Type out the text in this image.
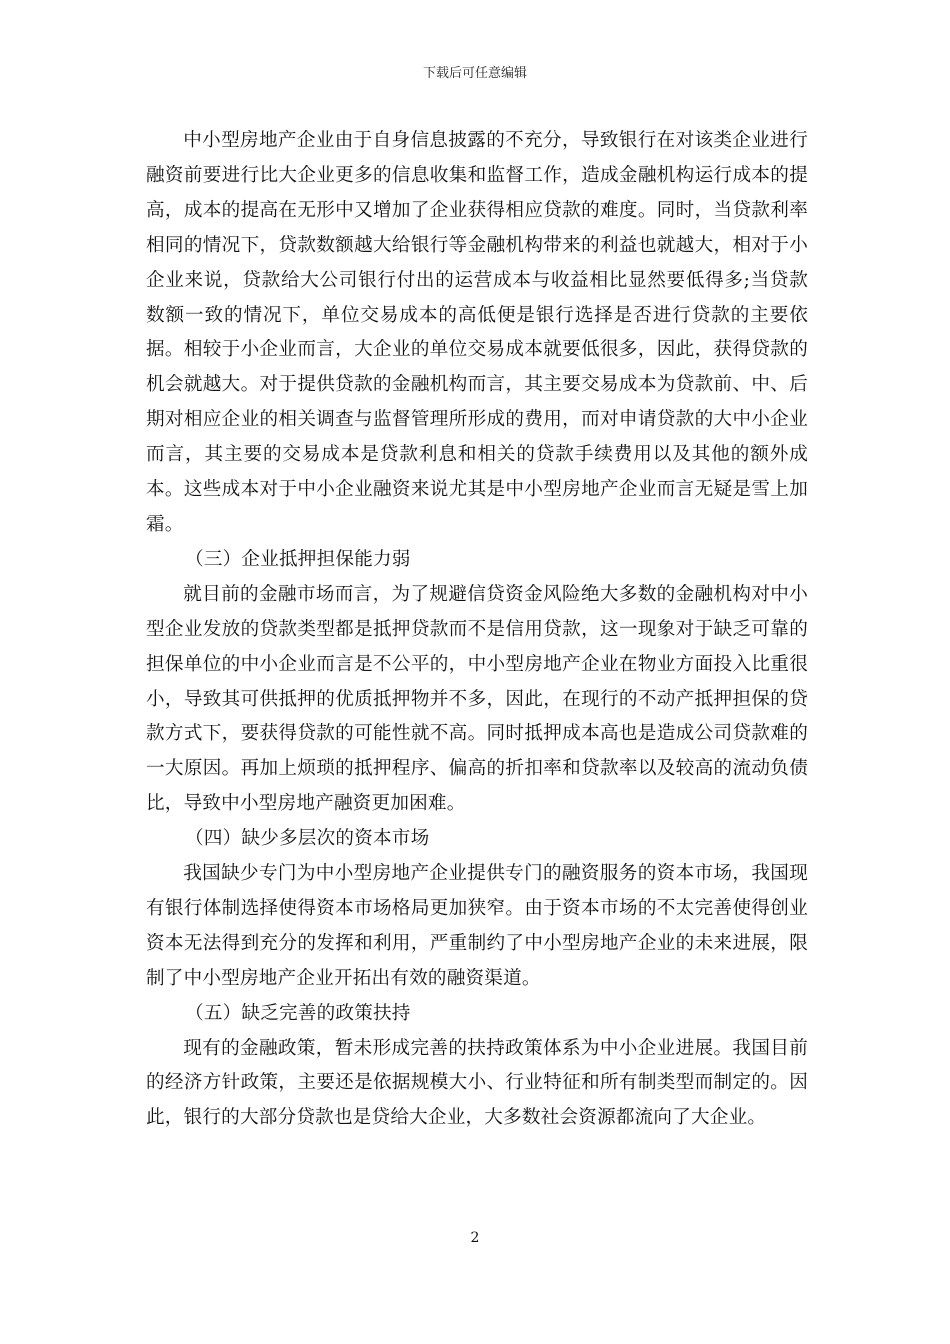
下载后可任意编辑

中小型房地产企业由于自身信息披露的不充分，导致银行在对该类企业进行融资前要进行比大企业更多的信息收集和监督工作，造成金融机构运行成本的提高，成本的提高在无形中又增加了企业获得相应贷款的难度。同时，当贷款利率相同的情况下，贷款数额越大给银行等金融机构带来的利益也就越大，相对于小企业来说，贷款给大公司银行付出的运营成本与收益相比显然要低得多;当贷款数额一致的情况下，单位交易成本的高低便是银行选择是否进行贷款的主要依据。相较于小企业而言，大企业的单位交易成本就要低很多，因此，获得贷款的机会就越大。对于提供贷款的金融机构而言，其主要交易成本为贷款前、中、后期对相应企业的相关调查与监督管理所形成的费用，而对申请贷款的大中小企业而言，其主要的交易成本是贷款利息和相关的贷款手续费用以及其他的额外成本。这些成本对于中小企业融资来说尤其是中小型房地产企业而言无疑是雪上加霜。

（三）企业抵押担保能力弱

就目前的金融市场而言，为了规避信贷资金风险绝大多数的金融机构对中小型企业发放的贷款类型都是抵押贷款而不是信用贷款，这一现象对于缺乏可靠的担保单位的中小企业而言是不公平的，中小型房地产企业在物业方面投入比重很小，导致其可供抵押的优质抵押物并不多，因此，在现行的不动产抵押担保的贷款方式下，要获得贷款的可能性就不高。同时抵押成本高也是造成公司贷款难的一大原因。再加上烦琐的抵押程序、偏高的折扣率和贷款率以及较高的流动负债比，导致中小型房地产融资更加困难。

（四）缺少多层次的资本市场

我国缺少专门为中小型房地产企业提供专门的融资服务的资本市场，我国现有银行体制选择使得资本市场格局更加狭窄。由于资本市场的不太完善使得创业资本无法得到充分的发挥和利用，严重制约了中小型房地产企业的未来进展，限制了中小型房地产企业开拓出有效的融资渠道。

（五）缺乏完善的政策扶持

现有的金融政策，暂未形成完善的扶持政策体系为中小企业进展。我国目前的经济方针政策，主要还是依据规模大小、行业特征和所有制类型而制定的。因此，银行的大部分贷款也是贷给大企业，大多数社会资源都流向了大企业。

2
